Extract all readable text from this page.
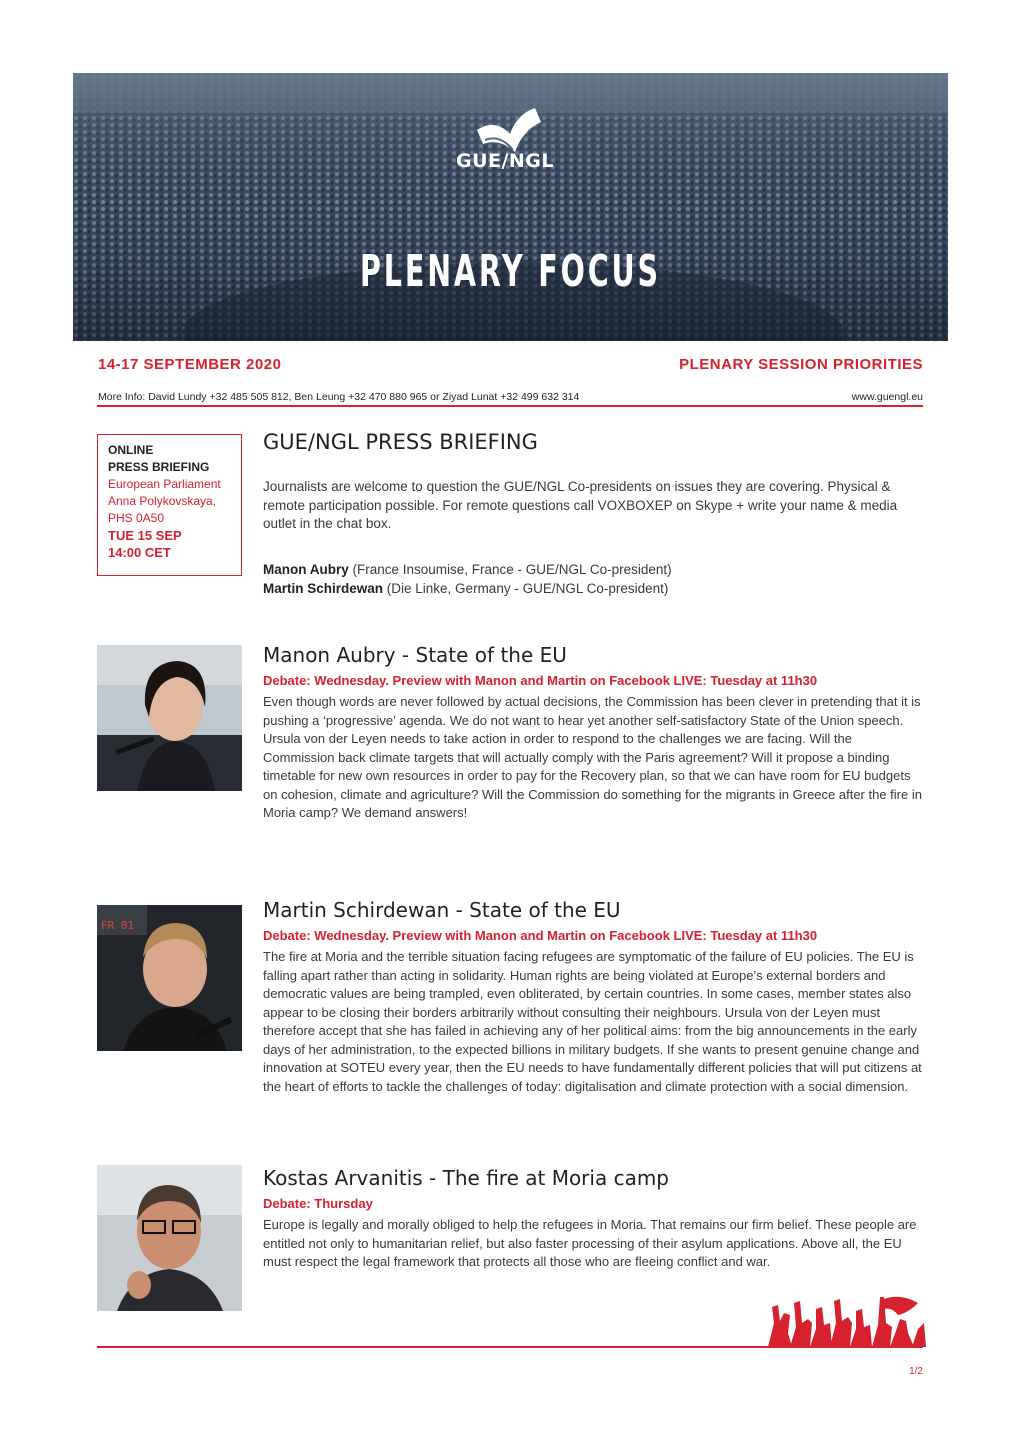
GUE/NGL
PLENARY FOCUS
14-17 SEPTEMBER 2020	PLENARY SESSION PRIORITIES
More Info: David Lundy +32 485 505 812, Ben Leung +32 470 880 965 or Ziyad Lunat +32 499 632 314	www.guengl.eu
ONLINE
PRESS BRIEFING
European Parliament
Anna Polykovskaya,
PHS 0A50
TUE 15 SEP
14:00 CET
GUE/NGL PRESS BRIEFING
Journalists are welcome to question the GUE/NGL Co-presidents on issues they are covering. Physical & remote participation possible. For remote questions call VOXBOXEP on Skype + write your name & media outlet in the chat box.
Manon Aubry (France Insoumise, France - GUE/NGL Co-president)
Martin Schirdewan (Die Linke, Germany - GUE/NGL Co-president)
Manon Aubry - State of the EU
Debate: Wednesday. Preview with Manon and Martin on Facebook LIVE: Tuesday at 11h30
Even though words are never followed by actual decisions, the Commission has been clever in pretending that it is pushing a ‘progressive’ agenda. We do not want to hear yet another self-satisfactory State of the Union speech. Ursula von der Leyen needs to take action in order to respond to the challenges we are facing. Will the Commission back climate targets that will actually comply with the Paris agreement? Will it propose a binding timetable for new own resources in order to pay for the Recovery plan, so that we can have room for EU budgets on cohesion, climate and agriculture? Will the Commission do something for the migrants in Greece after the fire in Moria camp? We demand answers!
FR 01
Martin Schirdewan - State of the EU
Debate: Wednesday. Preview with Manon and Martin on Facebook LIVE: Tuesday at 11h30
The fire at Moria and the terrible situation facing refugees are symptomatic of the failure of EU policies. The EU is falling apart rather than acting in solidarity. Human rights are being violated at Europe’s external borders and democratic values are being trampled, even obliterated, by certain countries. In some cases, member states also appear to be closing their borders arbitrarily without consulting their neighbours. Ursula von der Leyen must therefore accept that she has failed in achieving any of her political aims: from the big announcements in the early days of her administration, to the expected billions in military budgets. If she wants to present genuine change and innovation at SOTEU every year, then the EU needs to have fundamentally different policies that will put citizens at the heart of efforts to tackle the challenges of today: digitalisation and climate protection with a social dimension.
Kostas Arvanitis - The fire at Moria camp
Debate: Thursday
Europe is legally and morally obliged to help the refugees in Moria. That remains our firm belief. These people are entitled not only to humanitarian relief, but also faster processing of their asylum applications. Above all, the EU must respect the legal framework that protects all those who are fleeing conflict and war.
1/2
